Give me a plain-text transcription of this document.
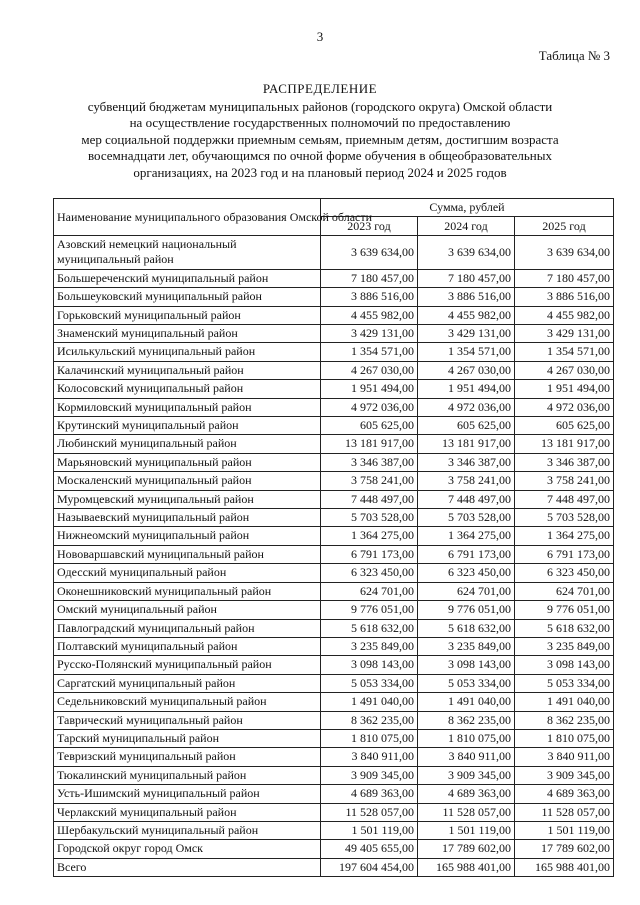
3
Таблица № 3
РАСПРЕДЕЛЕНИЕ
субвенций бюджетам муниципальных районов (городского округа) Омской области
на осуществление государственных полномочий по предоставлению
мер социальной поддержки приемным семьям, приемным детям, достигшим возраста
восемнадцати лет, обучающимся по очной форме обучения в общеобразовательных
организациях, на 2023 год и на плановый период 2024 и 2025 годов
Наименование муниципального образования Омской области	Сумма, рублей		
	2023 год	2024 год	2025 год
Азовский немецкий национальный муниципальный район	3 639 634,00	3 639 634,00	3 639 634,00
Большереченский муниципальный район	7 180 457,00	7 180 457,00	7 180 457,00
Большеуковский муниципальный район	3 886 516,00	3 886 516,00	3 886 516,00
Горьковский муниципальный район	4 455 982,00	4 455 982,00	4 455 982,00
Знаменский муниципальный район	3 429 131,00	3 429 131,00	3 429 131,00
Исилькульский муниципальный район	1 354 571,00	1 354 571,00	1 354 571,00
Калачинский муниципальный район	4 267 030,00	4 267 030,00	4 267 030,00
Колосовский муниципальный район	1 951 494,00	1 951 494,00	1 951 494,00
Кормиловский муниципальный район	4 972 036,00	4 972 036,00	4 972 036,00
Крутинский муниципальный район	605 625,00	605 625,00	605 625,00
Любинский муниципальный район	13 181 917,00	13 181 917,00	13 181 917,00
Марьяновский муниципальный район	3 346 387,00	3 346 387,00	3 346 387,00
Москаленский муниципальный район	3 758 241,00	3 758 241,00	3 758 241,00
Муромцевский муниципальный район	7 448 497,00	7 448 497,00	7 448 497,00
Называевский муниципальный район	5 703 528,00	5 703 528,00	5 703 528,00
Нижнеомский муниципальный район	1 364 275,00	1 364 275,00	1 364 275,00
Нововаршавский муниципальный район	6 791 173,00	6 791 173,00	6 791 173,00
Одесский муниципальный район	6 323 450,00	6 323 450,00	6 323 450,00
Оконешниковский муниципальный район	624 701,00	624 701,00	624 701,00
Омский муниципальный район	9 776 051,00	9 776 051,00	9 776 051,00
Павлоградский муниципальный район	5 618 632,00	5 618 632,00	5 618 632,00
Полтавский муниципальный район	3 235 849,00	3 235 849,00	3 235 849,00
Русско-Полянский муниципальный район	3 098 143,00	3 098 143,00	3 098 143,00
Саргатский муниципальный район	5 053 334,00	5 053 334,00	5 053 334,00
Седельниковский муниципальный район	1 491 040,00	1 491 040,00	1 491 040,00
Таврический муниципальный район	8 362 235,00	8 362 235,00	8 362 235,00
Тарский муниципальный район	1 810 075,00	1 810 075,00	1 810 075,00
Тевризский муниципальный район	3 840 911,00	3 840 911,00	3 840 911,00
Тюкалинский муниципальный район	3 909 345,00	3 909 345,00	3 909 345,00
Усть-Ишимский муниципальный район	4 689 363,00	4 689 363,00	4 689 363,00
Черлакский муниципальный район	11 528 057,00	11 528 057,00	11 528 057,00
Шербакульский муниципальный район	1 501 119,00	1 501 119,00	1 501 119,00
Городской округ город Омск	49 405 655,00	17 789 602,00	17 789 602,00
Всего	197 604 454,00	165 988 401,00	165 988 401,00
